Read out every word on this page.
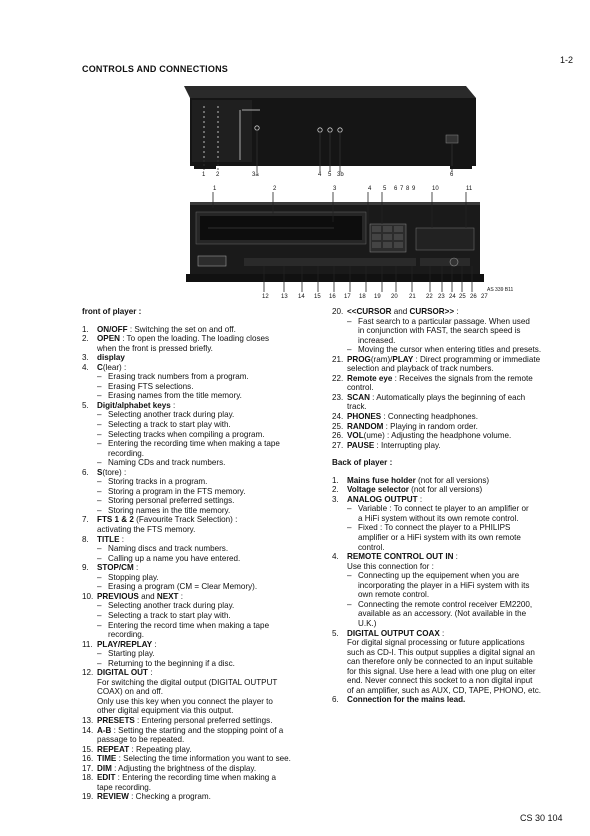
1-2
CONTROLS AND CONNECTIONS
1 2	3a	4 5 3b	6
1	2	3	4 5 6 7 8 9	10	11
AS 339 B11
12 13 14 15 16 17 18 19 20 21 22 23 24 25 26 27
front of player :
1.	ON/OFF : Switching the set on and off.
2.	OPEN : To open the loading. The loading closes
when the front is pressed briefly.
3.	display
4.	C(lear) :
– Erasing track numbers from a program.
– Erasing FTS selections.
– Erasing names from the title memory.
5.	Digit/alphabet keys :
– Selecting another track during play.
– Selecting a track to start play with.
– Selecting tracks when compiling a program.
– Entering the recording time when making a tape
recording.
– Naming CDs and track numbers.
6.	S(tore) :
– Storing tracks in a program.
– Storing a program in the FTS memory.
– Storing personal preferred settings.
– Storing names in the title memory.
7.	FTS 1 & 2 (Favourite Track Selection) :
activating the FTS memory.
8.	TITLE :
– Naming discs and track numbers.
– Calling up a name you have entered.
9.	STOP/CM :
– Stopping play.
– Erasing a program (CM = Clear Memory).
10. PREVIOUS and NEXT :
– Selecting another track during play.
– Selecting a track to start play with.
– Entering the record time when making a tape
recording.
11. PLAY/REPLAY :
– Starting play.
– Returning to the beginning if a disc.
12. DIGITAL OUT :
For switching the digital output (DIGITAL OUTPUT
COAX) on and off.
Only use this key when you connect the player to
other digital equipment via this output.
13. PRESETS : Entering personal preferred settings.
14. A-B : Setting the starting and the stopping point of a
passage to be repeated.
15. REPEAT : Repeating play.
16. TIME : Selecting the time information you want to see.
17. DIM : Adjusting the brightness of the display.
18. EDIT : Entering the recording time when making a
tape recording.
19. REVIEW : Checking a program.
20. <<CURSOR and CURSOR>> :
– Fast search to a particular passage. When used
in conjunction with FAST, the search speed is
increased.
– Moving the cursor when entering titles and presets.
21. PROG(ram)/PLAY : Direct programming or immediate
selection and playback of track numbers.
22. Remote eye : Receives the signals from the remote
control.
23. SCAN : Automatically plays the beginning of each
track.
24. PHONES : Connecting headphones.
25. RANDOM : Playing in random order.
26. VOL(ume) : Adjusting the headphone volume.
27. PAUSE : Interrupting play.
Back of player :
1.	Mains fuse holder (not for all versions)
2.	Voltage selector (not for all versions)
3.	ANALOG OUTPUT :
– Variable : To connect te player to an amplifier or
a HiFi system without its own remote control.
– Fixed : To connect the player to a PHILIPS
amplifier or a HiFi system with its own remote
control.
4.	REMOTE CONTROL OUT IN :
Use this connection for :
– Connecting up the equipement when you are
incorporating the player in a HiFi system with its
own remote control.
– Connecting the remote control receiver EM2200,
available as an accessory. (Not available in the
U.K.)
5.	DIGITAL OUTPUT COAX :
For digital signal processing or future applications
such as CD-I. This output supplies a digital signal an
can therefore only be connected to an input suitable
for this signal. Use here a lead with one plug on eiter
end. Never connect this socket to a non digital input
of an amplifier, such as AUX, CD, TAPE, PHONO, etc.
6.	Connection for the mains lead.
CS 30 104
